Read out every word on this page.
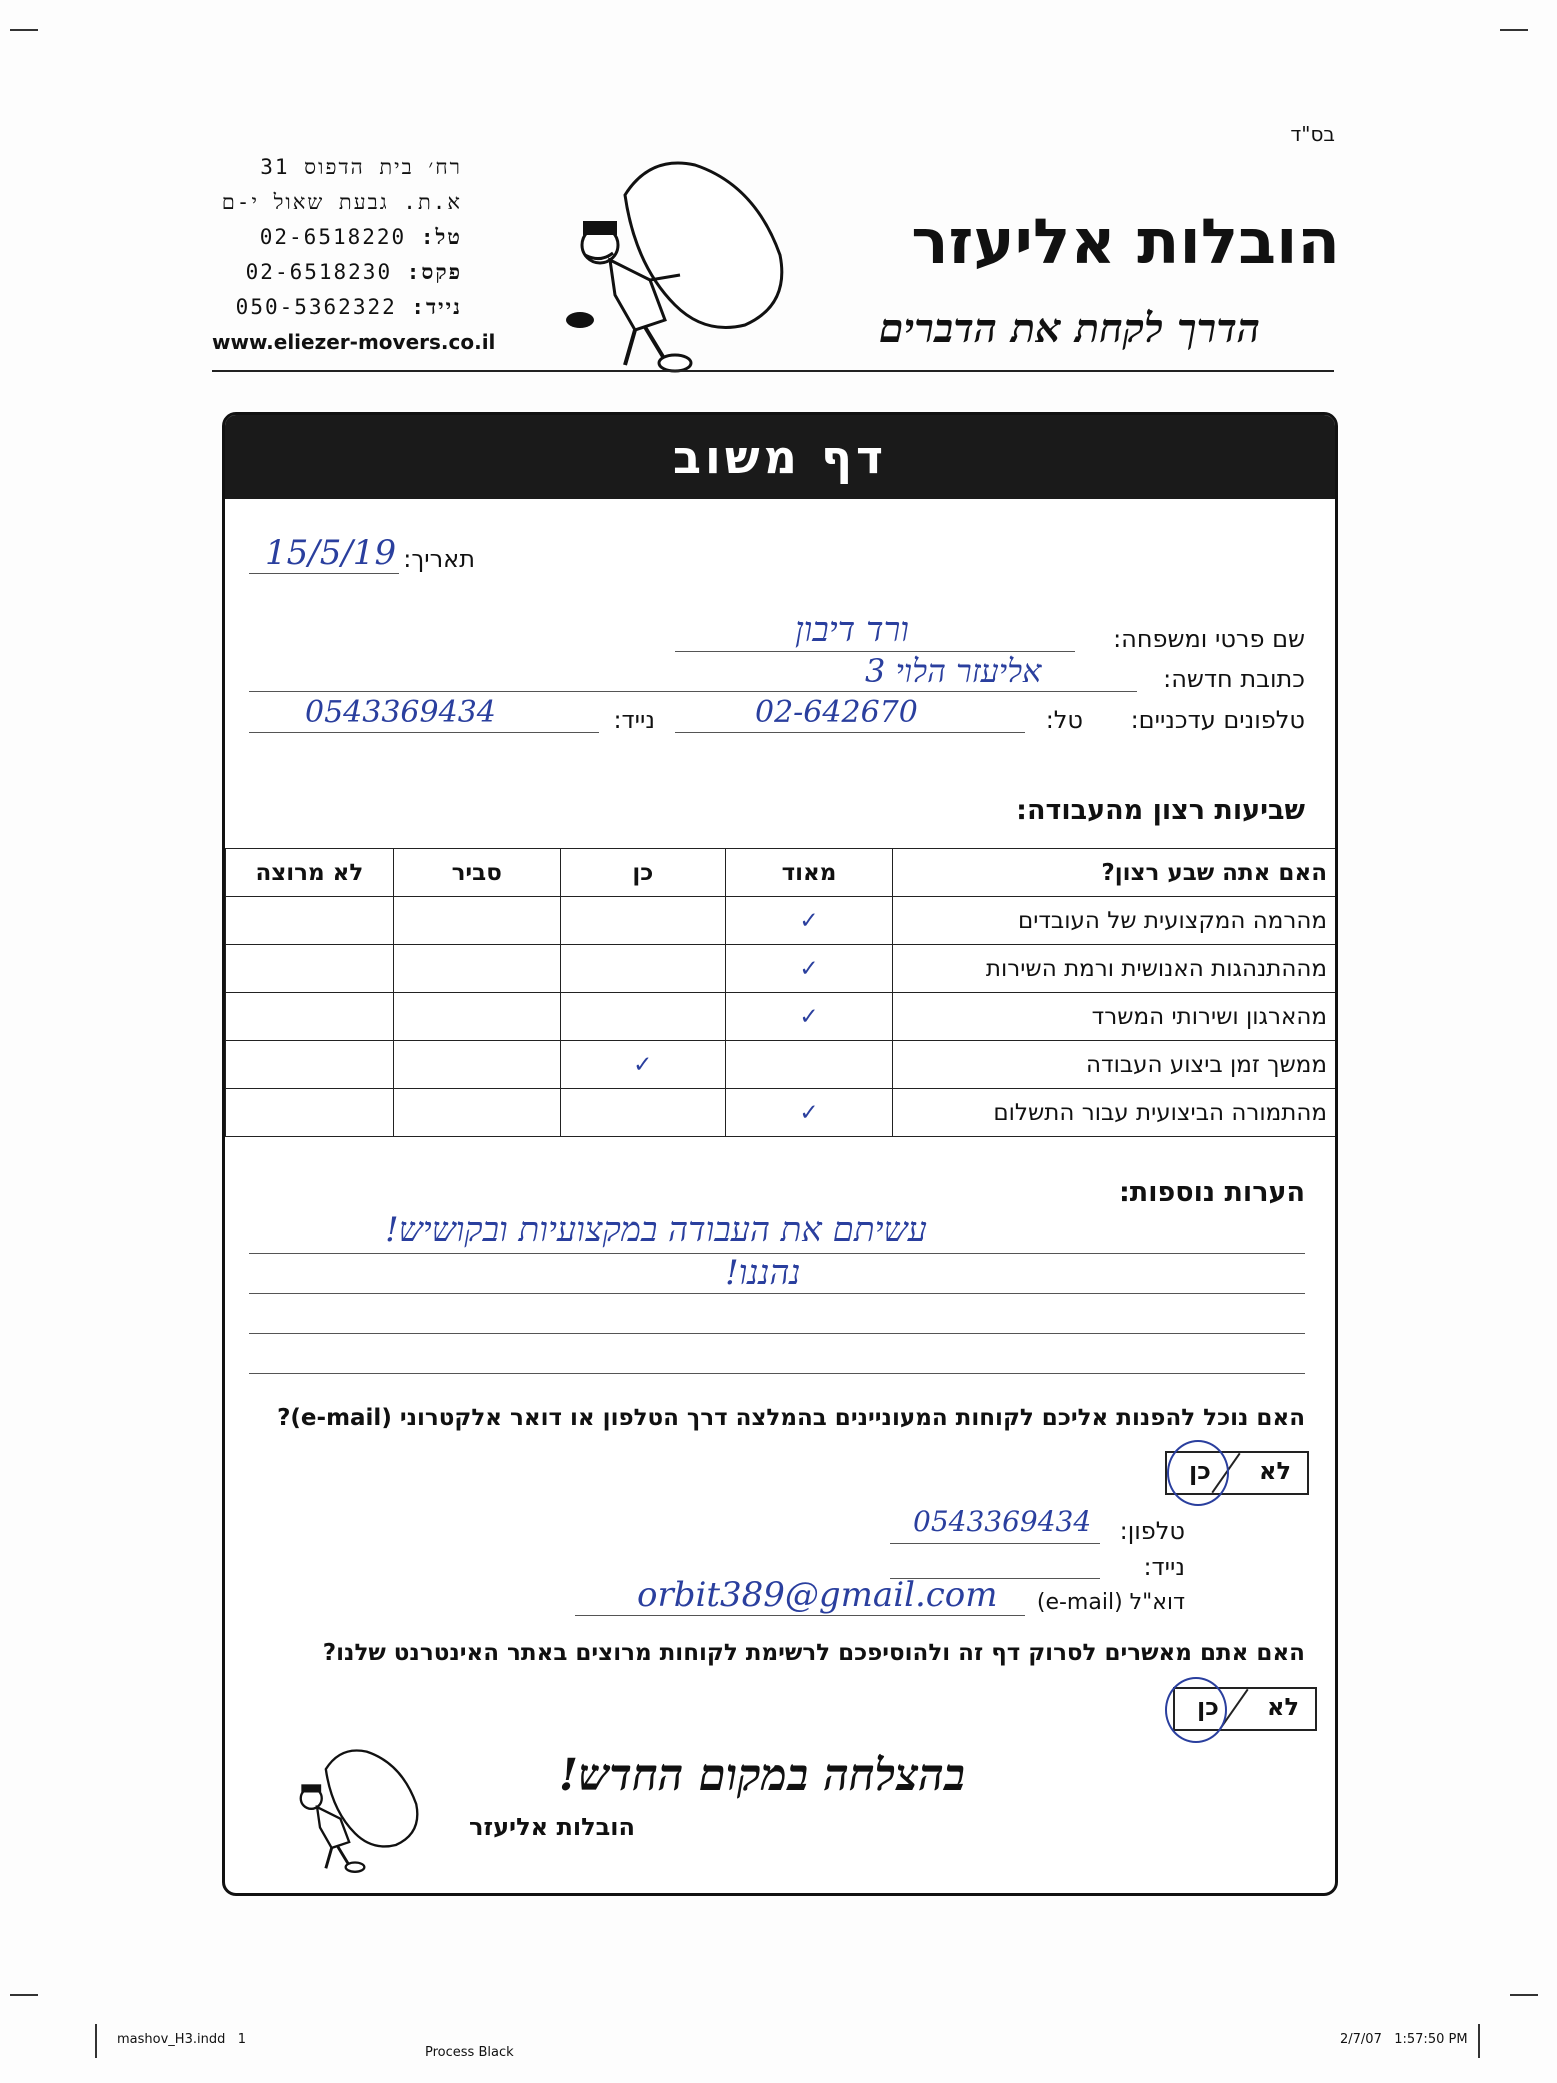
בס"ד
הובלות אליעזר
הדרך לקחת את הדברים
רח׳ בית הדפוס 31
א.ת. גבעת שאול י-ם
טל: 02-6518220
פקס: 02-6518230
נייד: 050-5362322
www.eliezer-movers.co.il
דף משוב
תאריך:
15/5/19
שם פרטי ומשפחה:
ורד דיבון
כתובת חדשה:
אליעזר הלוי 3
טלפונים עדכניים:
טל:
02-642670
נייד:
0543369434
שביעות רצון מהעבודה:
האם אתה שבע רצון?	מאוד	כן	סביר	לא מרוצה
מהרמה המקצועית של העובדים	✓			
מההתנהגות האנושית ורמת השירות	✓			
מהארגון ושירותי המשרד	✓			
ממשך זמן ביצוע העבודה		✓		
מהתמורה הביצועית עבור התשלום	✓			
הערות נוספות:
עשיתם את העבודה במקצועיות ובקושיש!
נהננו!
האם נוכל להפנות אליכם לקוחות המעוניינים בהמלצה דרך הטלפון או דואר אלקטרוני (e-mail)?
לא
כן
טלפון:
0543369434
נייד:
דוא"ל (e-mail)
orbit389@gmail.com
האם אתם מאשרים לסרוק דף זה ולהוסיפכם לרשימת לקוחות מרוצים באתר האינטרנט שלנו?
לא
כן
בהצלחה במקום החדש!
הובלות אליעזר
mashov_H3.indd   1
Process Black
2/7/07   1:57:50 PM
